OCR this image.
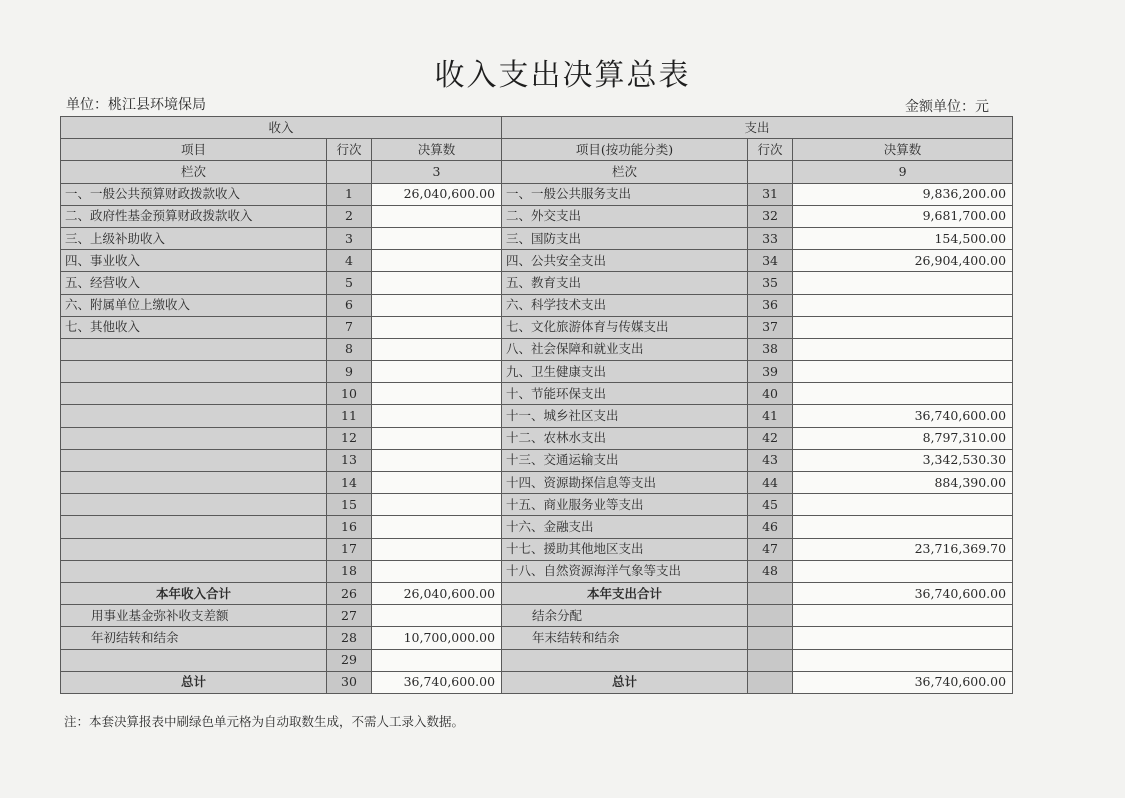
收入支出决算总表
单位：桃江县环境保局	金额单位：元
收入			支出		
项目	行次	决算数	项目(按功能分类)	行次	决算数
栏次		3	栏次		9
一、一般公共预算财政拨款收入	1	26,040,600.00	一、一般公共服务支出	31	9,836,200.00
二、政府性基金预算财政拨款收入	2		二、外交支出	32	9,681,700.00
三、上级补助收入	3		三、国防支出	33	154,500.00
四、事业收入	4		四、公共安全支出	34	26,904,400.00
五、经营收入	5		五、教育支出	35	
六、附属单位上缴收入	6		六、科学技术支出	36	
七、其他收入	7		七、文化旅游体育与传媒支出	37	
	8		八、社会保障和就业支出	38	
	9		九、卫生健康支出	39	
	10		十、节能环保支出	40	
	11		十一、城乡社区支出	41	36,740,600.00
	12		十二、农林水支出	42	8,797,310.00
	13		十三、交通运输支出	43	3,342,530.30
	14		十四、资源勘探信息等支出	44	884,390.00
	15		十五、商业服务业等支出	45	
	16		十六、金融支出	46	
	17		十七、援助其他地区支出	47	23,716,369.70
	18		十八、自然资源海洋气象等支出	48	
本年收入合计	26	26,040,600.00	本年支出合计		36,740,600.00
用事业基金弥补收支差额	27		结余分配		
年初结转和结余	28	10,700,000.00	年末结转和结余		
	29				
总计	30	36,740,600.00	总计		36,740,600.00
注：本套决算报表中刷绿色单元格为自动取数生成，不需人工录入数据。
